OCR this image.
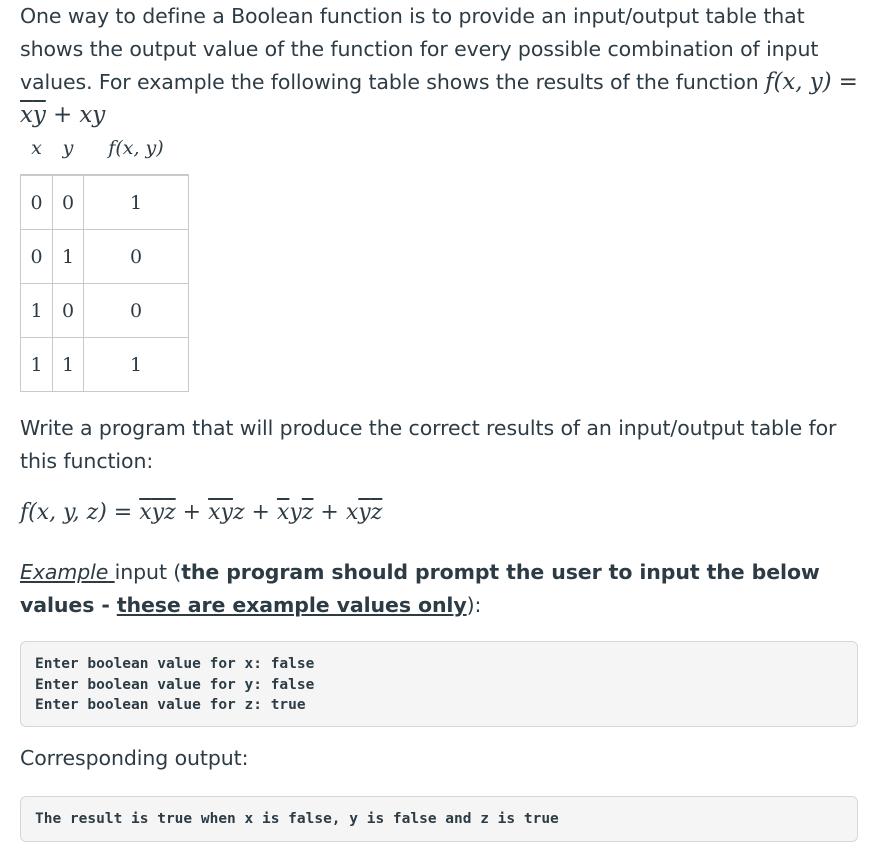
One way to define a Boolean function is to provide an input/output table that shows the output value of the function for every possible combination of input values. For example the following table shows the results of the function f(x, $y) = \overline{x}\overline{y}$ + xy
x	y	f(x, y)
0	0	1
0	1	0
1	0	0
1	1	1
Write a program that will produce the correct results of an input/output table for this function:
f(x, y, $z) = \overline{x}\overline{y}\overline{z} + \overline{x}\overline{y}z + \overline{x}y\overline{z} + x\overline{y}\overline{z}$
Example input (the program should prompt the user to input the below values - these are example values only):
Enter boolean value for x: false
Enter boolean value for y: false
Enter boolean value for z: true
Corresponding output:
The result is true when x is false, y is false and z is true
